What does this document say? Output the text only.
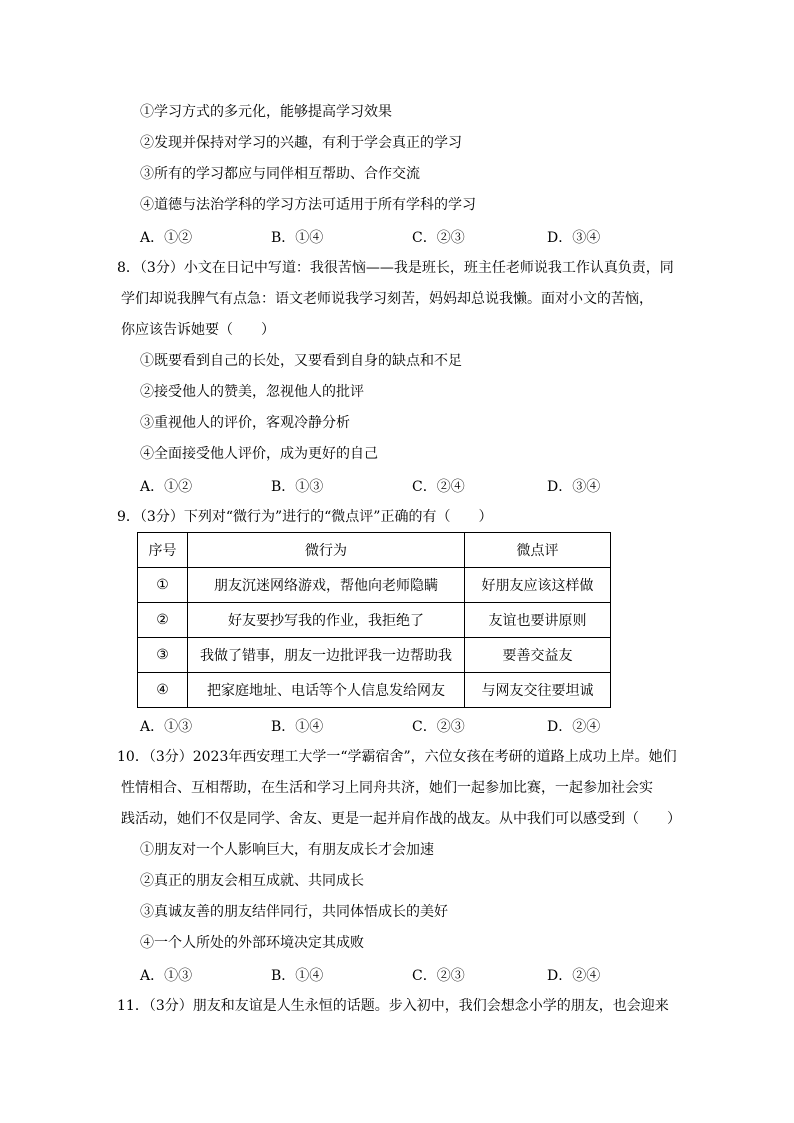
①学习方式的多元化，能够提高学习效果
②发现并保持对学习的兴趣，有利于学会真正的学习
③所有的学习都应与同伴相互帮助、合作交流
④道德与法治学科的学习方法可适用于所有学科的学习
A．①②	B．①④	C．②③	D．③④
8．（3分）小文在日记中写道：我很苦恼——我是班长，班主任老师说我工作认真负责，同
学们却说我脾气有点急：语文老师说我学习刻苦，妈妈却总说我懒。面对小文的苦恼，
你应该告诉她要（　　）
①既要看到自己的长处，又要看到自身的缺点和不足
②接受他人的赞美，忽视他人的批评
③重视他人的评价，客观冷静分析
④全面接受他人评价，成为更好的自己
A．①②	B．①③	C．②④	D．③④
9．（3分）下列对“微行为”进行的“微点评”正确的有（　　）
序号	微行为	微点评
①	朋友沉迷网络游戏，帮他向老师隐瞒	好朋友应该这样做
②	好友要抄写我的作业，我拒绝了	友谊也要讲原则
③	我做了错事，朋友一边批评我一边帮助我	要善交益友
④	把家庭地址、电话等个人信息发给网友	与网友交往要坦诚
A．①③	B．①④	C．②③	D．②④
10．（3分）2023年西安理工大学一“学霸宿舍”，六位女孩在考研的道路上成功上岸。她们
性情相合、互相帮助，在生活和学习上同舟共济，她们一起参加比赛，一起参加社会实
践活动，她们不仅是同学、舍友、更是一起并肩作战的战友。从中我们可以感受到（　　）
①朋友对一个人影响巨大，有朋友成长才会加速
②真正的朋友会相互成就、共同成长
③真诚友善的朋友结伴同行，共同体悟成长的美好
④一个人所处的外部环境决定其成败
A．①③	B．①④	C．②③	D．②④
11．（3分）朋友和友谊是人生永恒的话题。步入初中，我们会想念小学的朋友，也会迎来
